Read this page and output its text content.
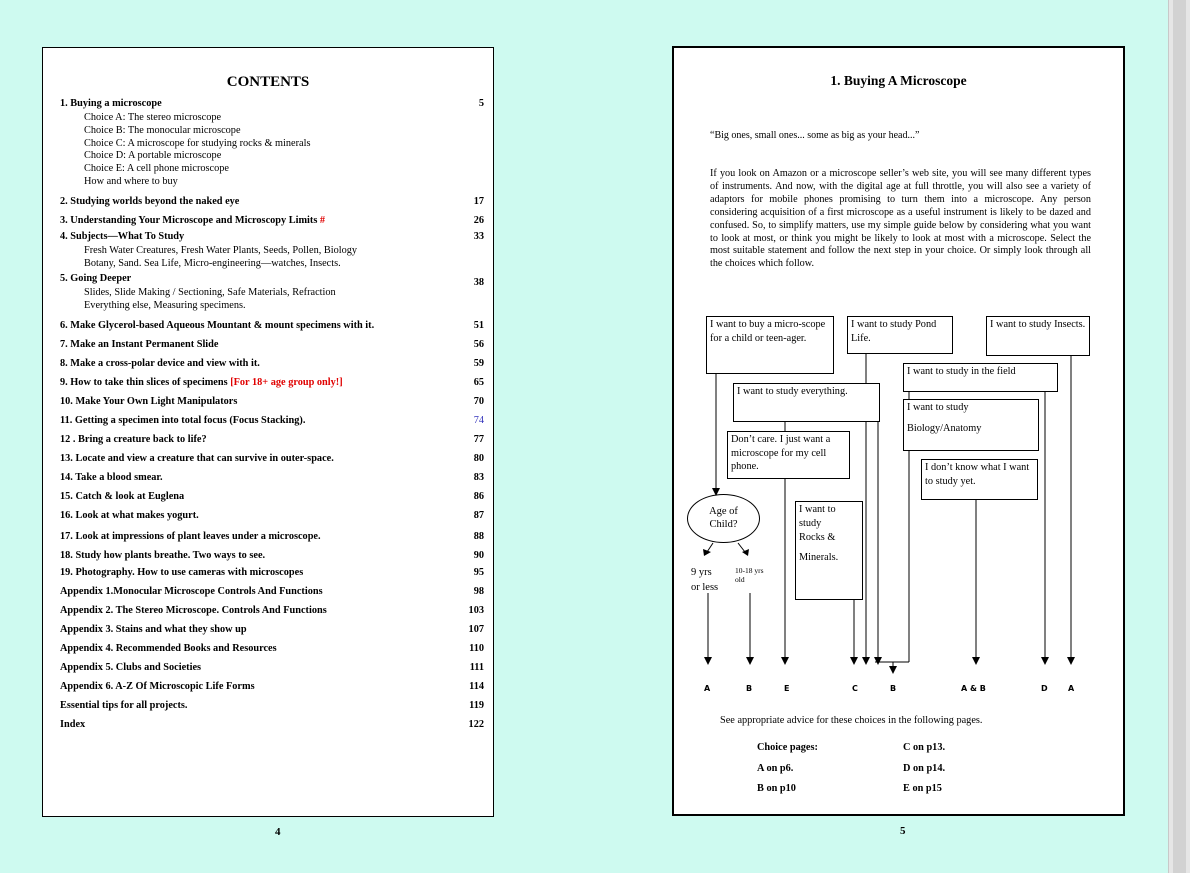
CONTENTS
1. Buying a microscope	5
Choice A: The stereo microscope
Choice B: The monocular microscope
Choice C: A microscope for studying rocks & minerals
Choice D: A portable microscope
Choice E: A cell phone microscope
How and where to buy
2. Studying worlds beyond the naked eye	17
3. Understanding Your Microscope and Microscopy Limits #	26
4. Subjects—What To Study	33
Fresh Water Creatures, Fresh Water Plants, Seeds, Pollen, Biology
Botany, Sand. Sea Life, Micro-engineering—watches, Insects.
5. Going Deeper	38
Slides, Slide Making / Sectioning, Safe Materials, Refraction
Everything else, Measuring specimens.
6. Make Glycerol-based Aqueous Mountant & mount specimens with it.	51
7. Make an Instant Permanent Slide	56
8. Make a cross-polar device and view with it.	59
9. How to take thin slices of specimens [For 18+ age group only!]	65
10. Make Your Own Light Manipulators	70
11. Getting a specimen into total focus (Focus Stacking).	74
12 . Bring a creature back to life?	77
13. Locate and view a creature that can survive in outer-space.	80
14. Take a blood smear.	83
15. Catch & look at Euglena	86
16. Look at what makes yogurt.	87
17. Look at impressions of plant leaves under a microscope.	88
18. Study how plants breathe. Two ways to see.	90
19. Photography. How to use cameras with microscopes	95
Appendix 1.Monocular Microscope Controls And Functions	98
Appendix 2. The Stereo Microscope. Controls And Functions	103
Appendix 3. Stains and what they show up	107
Appendix 4. Recommended Books and Resources	110
Appendix 5. Clubs and Societies	111
Appendix 6. A-Z Of Microscopic Life Forms	114
Essential tips for all projects.	119
Index	122
4
1. Buying A Microscope
“Big ones, small ones... some as big as your head...”
If you look on Amazon or a microscope seller’s web site, you will see many different types of instruments. And now, with the digital age at full throttle, you will also see a variety of adaptors for mobile phones promising to turn them into a microscope. Any person considering acquisition of a first microscope as a useful instrument is likely to be dazed and confused. So, to simplify matters, use my simple guide below by considering what you want to look at most, or think you might be likely to look at most with a microscope. Select the most suitable statement and follow the next step in your choice. Or simply look through all the choices which follow.
I want to buy a micro-scope for a child or teen-ager.
I want to study Pond Life.
I want to study Insects.
I want to study in the field
I want to study everything.
I want to study
Biology/Anatomy
Don’t care. I just want a microscope for my cell phone.	I don’t know what I want to study yet.
I want to
study
Rocks &
Minerals.
Age of
Child?
9 yrs
or less
10-18 yrs
old
A	B	E	C	B	A & B	D	A
See appropriate advice for these choices in the following pages.
Choice pages:
A on p6.
B on p10
C on p13.
D on p14.
E on p15
5
